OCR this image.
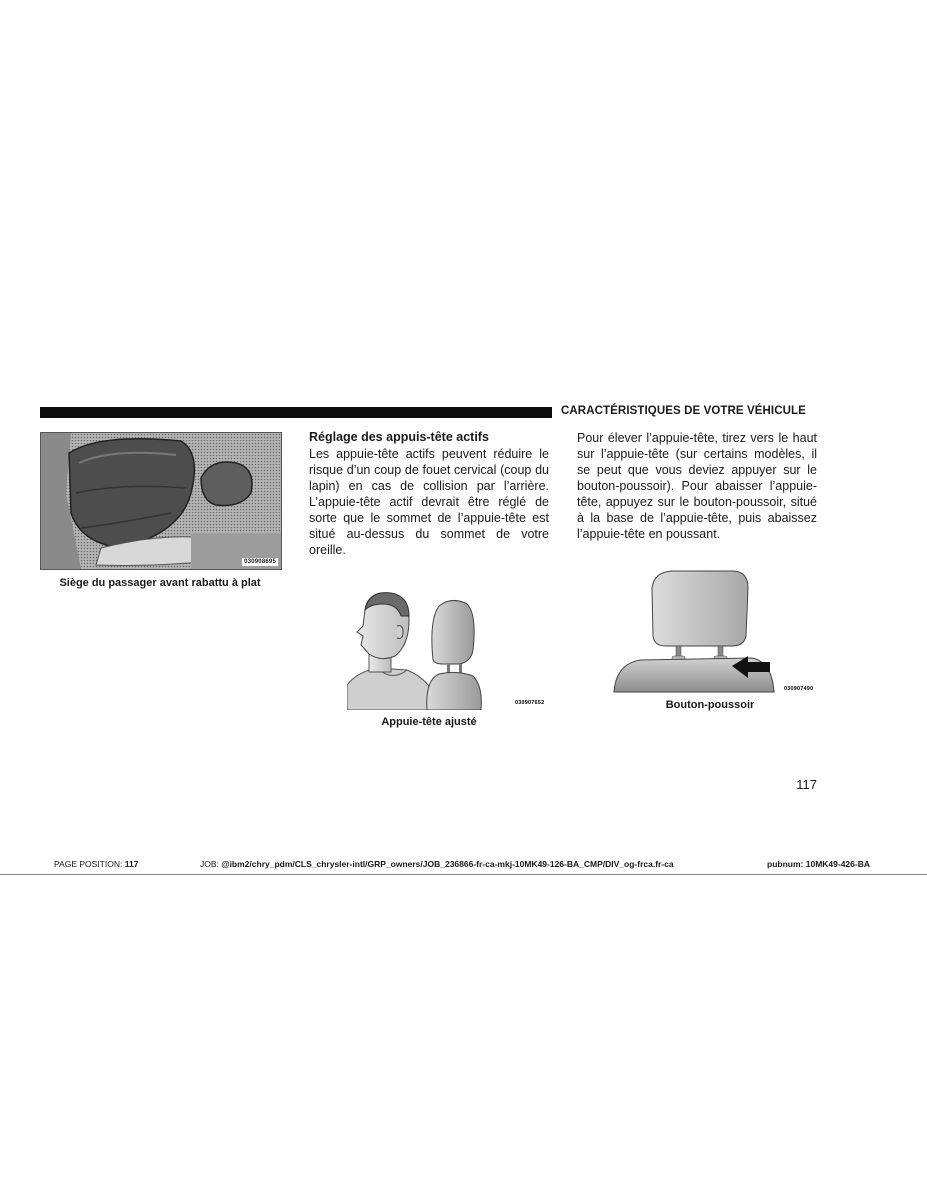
CARACTÉRISTIQUES DE VOTRE VÉHICULE
030908695
Siège du passager avant rabattu à plat
Réglage des appuis-tête actifs
Les appuie-tête actifs peuvent réduire le risque d’un coup de fouet cervical (coup du lapin) en cas de collision par l’arrière. L’appuie-tête actif devrait être réglé de sorte que le sommet de l’appuie-tête est situé au-dessus du sommet de votre oreille.
Pour élever l’appuie-tête, tirez vers le haut sur l’appuie-tête (sur certains modèles, il se peut que vous deviez appuyer sur le bouton-poussoir). Pour abaisser l’appuie-tête, appuyez sur le bouton-poussoir, situé à la base de l’appuie-tête, puis abaissez l’appuie-tête en poussant.
030907652
Appuie-tête ajusté
030907490
Bouton-poussoir
117
PAGE POSITION: 117	JOB: @ibm2/chry_pdm/CLS_chrysler-intl/GRP_owners/JOB_236866-fr-ca-mkj-10MK49-126-BA_CMP/DIV_og-frca.fr-ca	pubnum: 10MK49-426-BA
